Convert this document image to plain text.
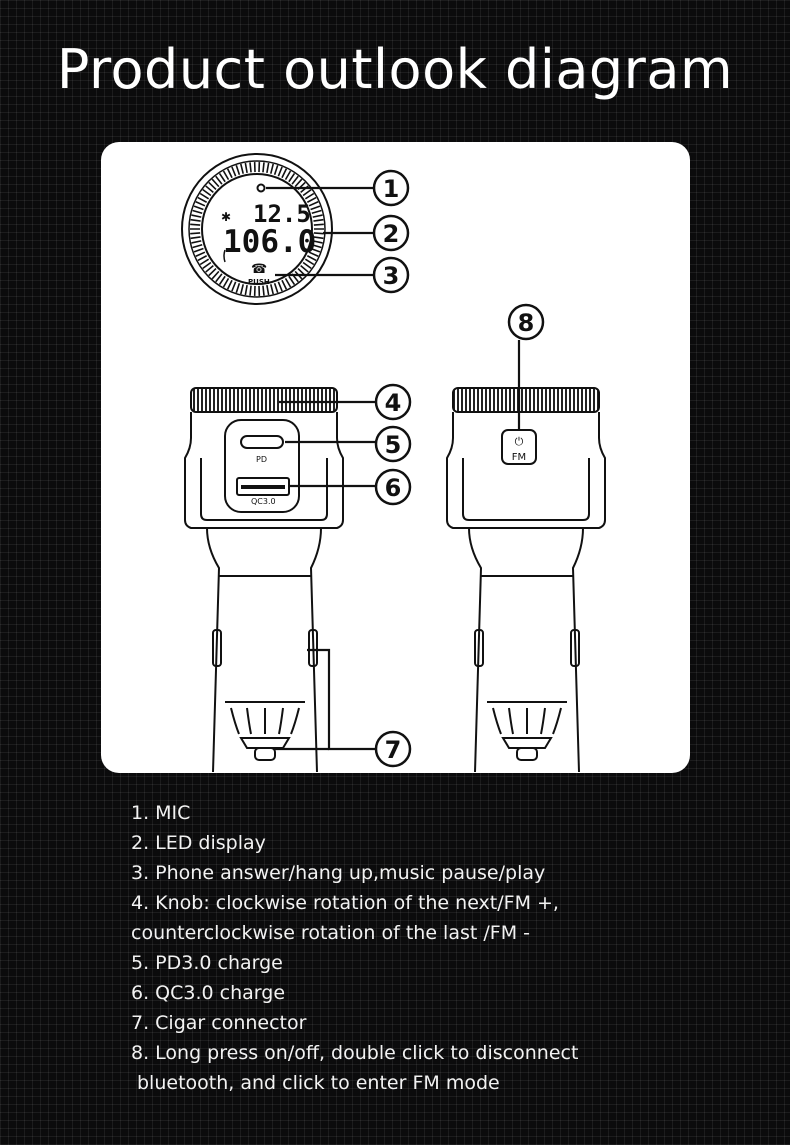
Product outlook diagram
✱ 12.5
106.0
☎
PUSH
PD
QC3.0
⏻
FM
1
2
3
4
5
6
7
8
1. MIC
2. LED display
3. Phone answer/hang up,music pause/play
4. Knob: clockwise rotation of the next/FM +,
counterclockwise rotation of the last /FM -
5. PD3.0 charge
6. QC3.0 charge
7. Cigar connector
8. Long press on/off, double click to disconnect
bluetooth, and click to enter FM mode
